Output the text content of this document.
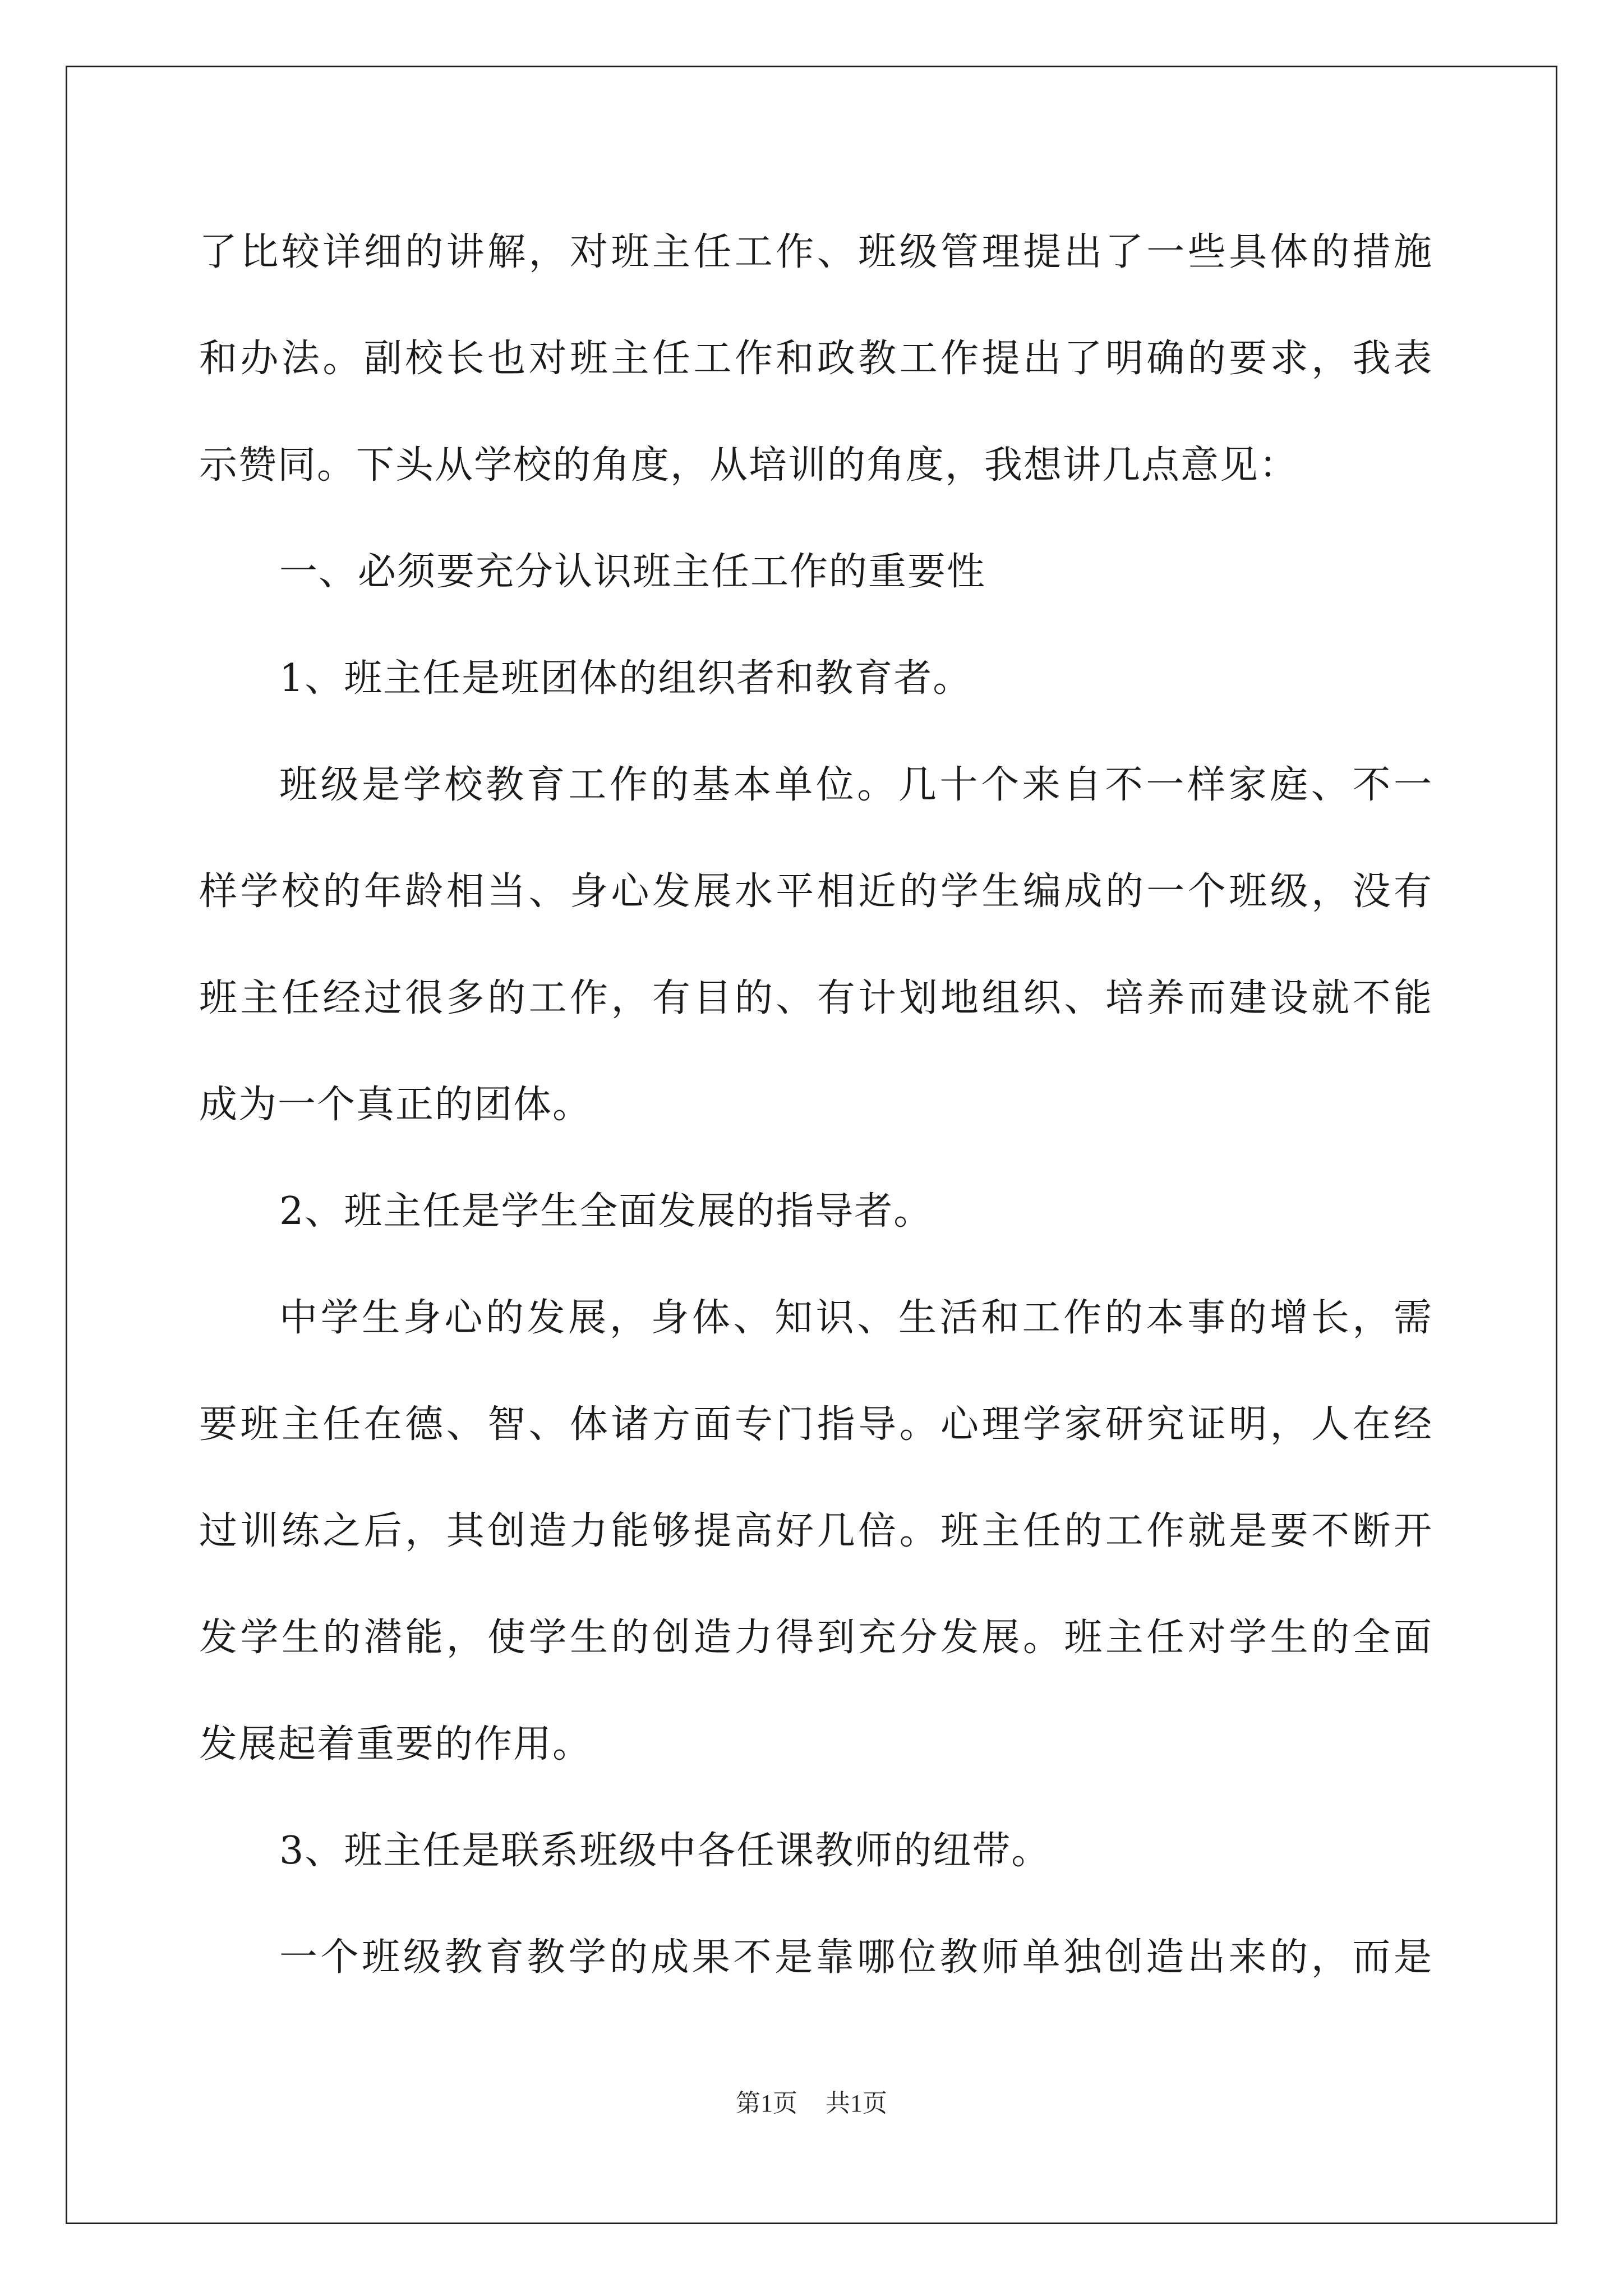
了比较详细的讲解，对班主任工作、班级管理提出了一些具体的措施
和办法。副校长也对班主任工作和政教工作提出了明确的要求，我表
示赞同。下头从学校的角度，从培训的角度，我想讲几点意见：
一、必须要充分认识班主任工作的重要性
1、班主任是班团体的组织者和教育者。
班级是学校教育工作的基本单位。几十个来自不一样家庭、不一
样学校的年龄相当、身心发展水平相近的学生编成的一个班级，没有
班主任经过很多的工作，有目的、有计划地组织、培养而建设就不能
成为一个真正的团体。
2、班主任是学生全面发展的指导者。
中学生身心的发展，身体、知识、生活和工作的本事的增长，需
要班主任在德、智、体诸方面专门指导。心理学家研究证明，人在经
过训练之后，其创造力能够提高好几倍。班主任的工作就是要不断开
发学生的潜能，使学生的创造力得到充分发展。班主任对学生的全面
发展起着重要的作用。
3、班主任是联系班级中各任课教师的纽带。
一个班级教育教学的成果不是靠哪位教师单独创造出来的，而是
第1页 共1页
